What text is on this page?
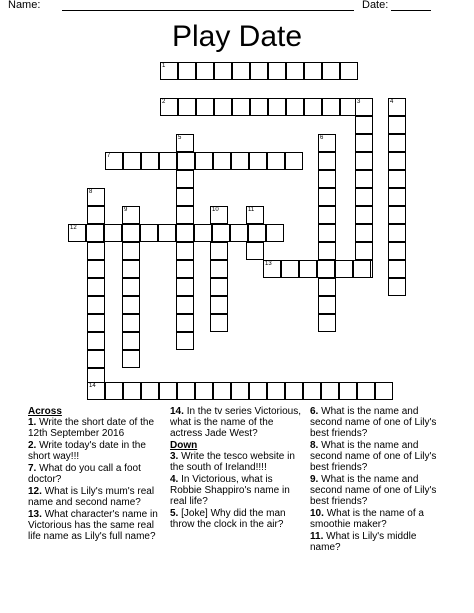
Name:	Date:
Play Date
1
2	3	4
5	6
7
8
9	10	11
12
13
14
Across
1. Write the short date of the 12th September 2016
2. Write today's date in the short way!!!
7. What do you call a foot doctor?
12. What is Lily's mum's real name and second name?
13. What character's name in Victorious has the same real life name as Lily's full name?
14. In the tv series Victorious, what is the name of the actress Jade West?
Down
3. Write the tesco website in the south of Ireland!!!!
4. In Victorious, what is Robbie Shappiro's name in real life?
5. [Joke] Why did the man throw the clock in the air?
6. What is the name and second name of one of Lily's best friends?
8. What is the name and second name of one of Lily's best friends?
9. What is the name and second name of one of Lily's best friends?
10. What is the name of a smoothie maker?
11. What is Lily's middle name?
